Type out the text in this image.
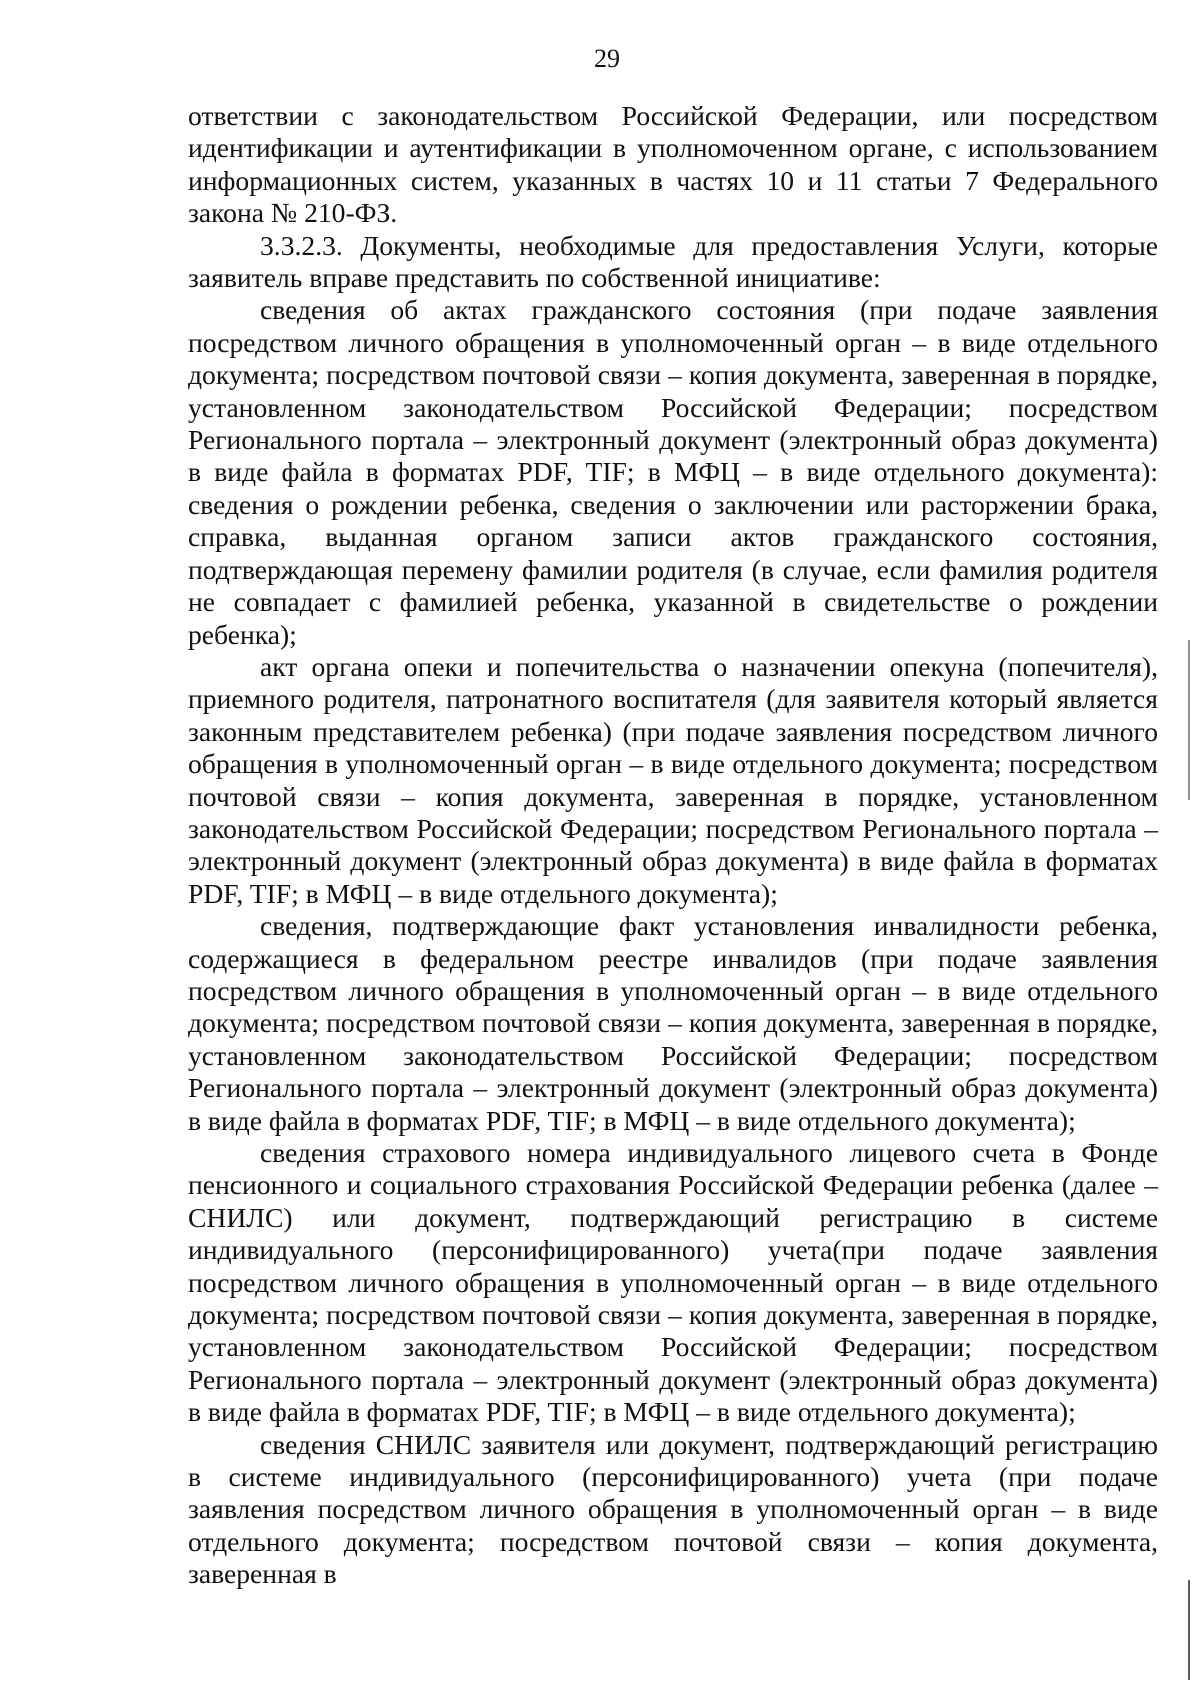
29

ответствии с законодательством Российской Федерации, или посредством идентификации и аутентификации в уполномоченном органе, с использованием информационных систем, указанных в частях 10 и 11 статьи 7 Федерального закона № 210-ФЗ.

3.3.2.3. Документы, необходимые для предоставления Услуги, которые заявитель вправе представить по собственной инициативе:

сведения об актах гражданского состояния (при подаче заявления посредством личного обращения в уполномоченный орган – в виде отдельного документа; посредством почтовой связи – копия документа, заверенная в порядке, установленном законодательством Российской Федерации; посредством Регионального портала – электронный документ (электронный образ документа) в виде файла в форматах PDF, TIF; в МФЦ – в виде отдельного документа): сведения о рождении ребенка, сведения о заключении или расторжении брака, справка, выданная органом записи актов гражданского состояния, подтверждающая перемену фамилии родителя (в случае, если фамилия родителя не совпадает с фамилией ребенка, указанной в свидетельстве о рождении ребенка);

акт органа опеки и попечительства о назначении опекуна (попечителя), приемного родителя, патронатного воспитателя (для заявителя который является законным представителем ребенка) (при подаче заявления посредством личного обращения в уполномоченный орган – в виде отдельного документа; посредством почтовой связи – копия документа, заверенная в порядке, установленном законодательством Российской Федерации; посредством Регионального портала – электронный документ (электронный образ документа) в виде файла в форматах PDF, TIF; в МФЦ – в виде отдельного документа);

сведения, подтверждающие факт установления инвалидности ребенка, содержащиеся в федеральном реестре инвалидов (при подаче заявления посредством личного обращения в уполномоченный орган – в виде отдельного документа; посредством почтовой связи – копия документа, заверенная в порядке, установленном законодательством Российской Федерации; посредством Регионального портала – электронный документ (электронный образ документа) в виде файла в форматах PDF, TIF; в МФЦ – в виде отдельного документа);

сведения страхового номера индивидуального лицевого счета в Фонде пенсионного и социального страхования Российской Федерации ребенка (далее – СНИЛС) или документ, подтверждающий регистрацию в системе индивидуального (персонифицированного) учета(при подаче заявления посредством личного обращения в уполномоченный орган – в виде отдельного документа; посредством почтовой связи – копия документа, заверенная в порядке, установленном законодательством Российской Федерации; посредством Регионального портала – электронный документ (электронный образ документа) в виде файла в форматах PDF, TIF; в МФЦ – в виде отдельного документа);

сведения СНИЛС заявителя или документ, подтверждающий регистрацию в системе индивидуального (персонифицированного) учета (при подаче заявления посредством личного обращения в уполномоченный орган – в виде отдельного документа; посредством почтовой связи – копия документа, заверенная в
